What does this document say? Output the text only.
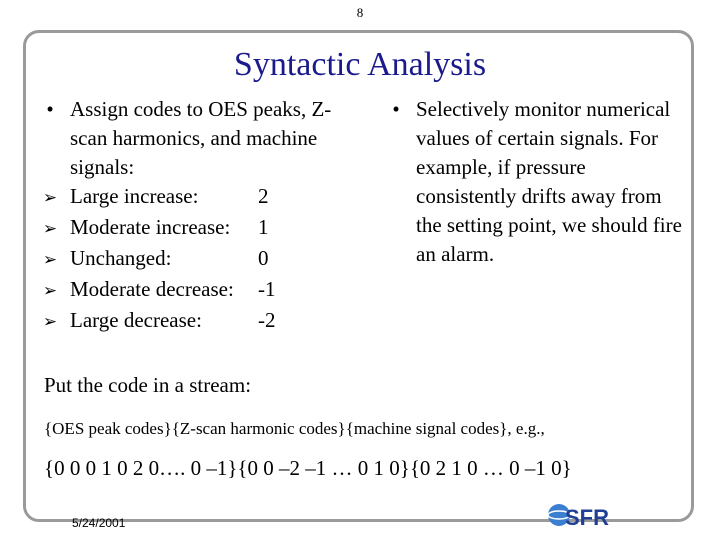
8
Syntactic Analysis
• Assign codes to OES peaks, Z-scan harmonics, and machine signals:
➢ Large increase:	2
➢ Moderate increase:	1
➢ Unchanged:	0
➢ Moderate decrease:	-1
➢ Large decrease:	-2
• Selectively monitor numerical values of certain signals. For example, if pressure consistently drifts away from the setting point, we should fire an alarm.
Put the code in a stream:
{OES peak codes}{Z-scan harmonic codes}{machine signal codes}, e.g.,
{0 0 0 1 0 2 0…. 0 –1}{0 0 –2 –1 … 0 1 0}{0 2 1 0 … 0 –1 0}
5/24/2001	SFR
